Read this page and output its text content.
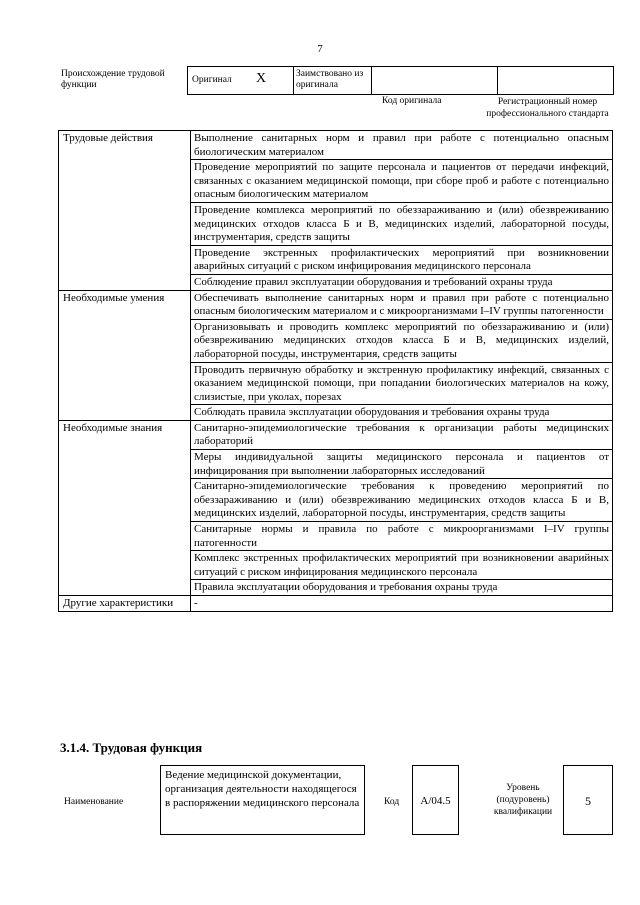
7
Происхождение трудовой функции	Оригинал X	Заимствовано из оригинала
Код оригинала	Регистрационный номер профессионального стандарта
Трудовые действия	Выполнение санитарных норм и правил при работе с потенциально опасным биологическим материалом
	Проведение мероприятий по защите персонала и пациентов от передачи инфекций, связанных с оказанием медицинской помощи, при сборе проб и работе с потенциально опасным биологическим материалом
	Проведение комплекса мероприятий по обеззараживанию и (или) обезвреживанию медицинских отходов класса Б и В, медицинских изделий, лабораторной посуды, инструментария, средств защиты
	Проведение экстренных профилактических мероприятий при возникновении аварийных ситуаций с риском инфицирования медицинского персонала
	Соблюдение правил эксплуатации оборудования и требований охраны труда
Необходимые умения	Обеспечивать выполнение санитарных норм и правил при работе с потенциально опасным биологическим материалом и с микроорганизмами I–IV группы патогенности
	Организовывать и проводить комплекс мероприятий по обеззараживанию и (или) обезвреживанию медицинских отходов класса Б и В, медицинских изделий, лабораторной посуды, инструментария, средств защиты
	Проводить первичную обработку и экстренную профилактику инфекций, связанных с оказанием медицинской помощи, при попадании биологических материалов на кожу, слизистые, при уколах, порезах
	Соблюдать правила эксплуатации оборудования и требования охраны труда
Необходимые знания	Санитарно-эпидемиологические требования к организации работы медицинских лабораторий
	Меры индивидуальной защиты медицинского персонала и пациентов от инфицирования при выполнении лабораторных исследований
	Санитарно-эпидемиологические требования к проведению мероприятий по обеззараживанию и (или) обезвреживанию медицинских отходов класса Б и В, медицинских изделий, лабораторной посуды, инструментария, средств защиты
	Санитарные нормы и правила по работе с микроорганизмами I–IV группы патогенности
	Комплекс экстренных профилактических мероприятий при возникновении аварийных ситуаций с риском инфицирования медицинского персонала
	Правила эксплуатации оборудования и требования охраны труда
Другие характеристики	-
3.1.4. Трудовая функция
Наименование
Ведение медицинской документации, организация деятельности находящегося в распоряжении медицинского персонала	Код	A/04.5
Уровень (подуровень) квалификации
5
